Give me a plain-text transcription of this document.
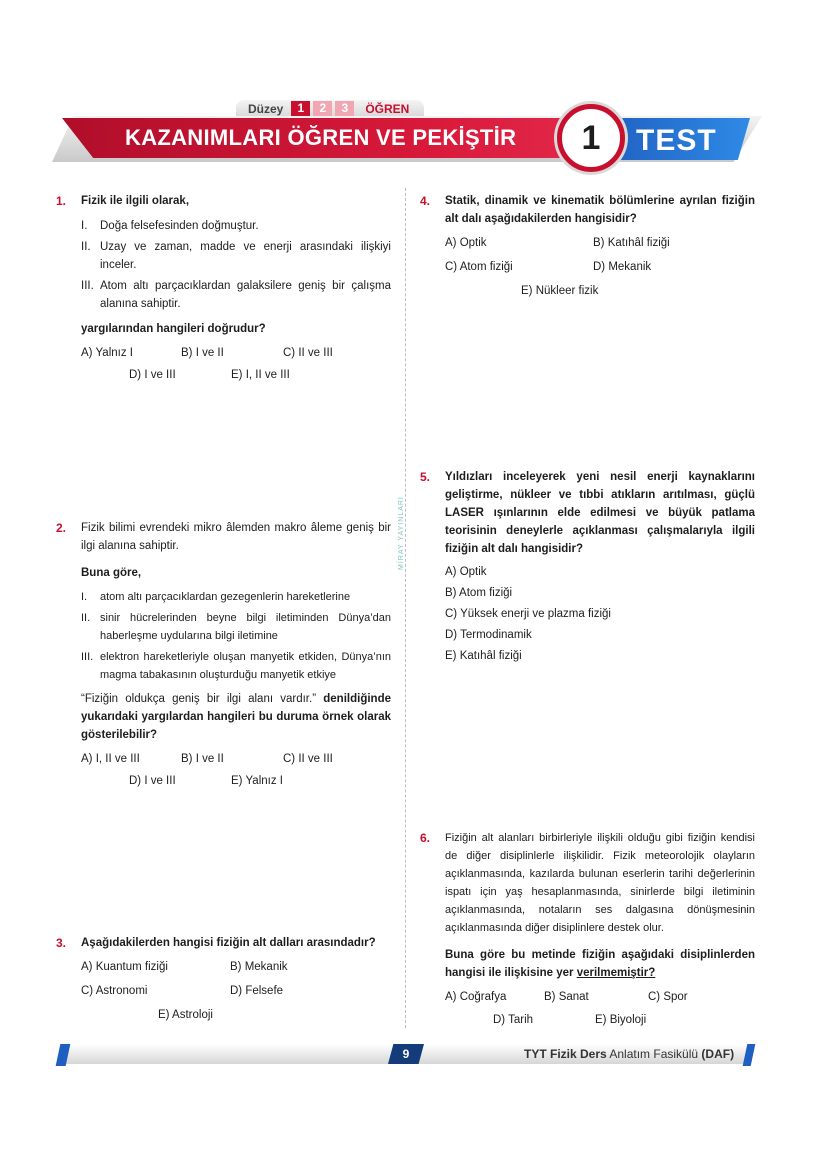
Düzey	1	2	3	ÖĞREN
KAZANIMLARI ÖĞREN VE PEKİŞTİR	TEST
1
MİRAY YAYINLARI
1. Fizik ile ilgili olarak,
I. Doğa felsefesinden doğmuştur.
II. Uzay ve zaman, madde ve enerji arasındaki ilişkiyi inceler.
III. Atom altı parçacıklardan galaksilere geniş bir çalışma alanına sahiptir.
yargılarından hangileri doğrudur?
A) Yalnız I	B) I ve II	C) II ve III
D) I ve III	E) I, II ve III
2. Fizik bilimi evrendeki mikro âlemden makro âleme geniş bir ilgi alanına sahiptir.
Buna göre,
I. atom altı parçacıklardan gezegenlerin hareketlerine
II. sinir hücrelerinden beyne bilgi iletiminden Dünya’dan haberleşme uydularına bilgi iletimine
III. elektron hareketleriyle oluşan manyetik etkiden, Dünya’nın magma tabakasının oluşturduğu manyetik etkiye
“Fiziğin oldukça geniş bir ilgi alanı vardır.” denildiğinde yukarıdaki yargılardan hangileri bu duruma örnek olarak gösterilebilir?
A) I, II ve III	B) I ve II	C) II ve III
D) I ve III	E) Yalnız I
3. Aşağıdakilerden hangisi fiziğin alt dalları arasındadır?
A) Kuantum fiziği	B) Mekanik
C) Astronomi	D) Felsefe
E) Astroloji
4. Statik, dinamik ve kinematik bölümlerine ayrılan fiziğin alt dalı aşağıdakilerden hangisidir?
A) Optik	B) Katıhâl fiziği
C) Atom fiziği	D) Mekanik
E) Nükleer fizik
5. Yıldızları inceleyerek yeni nesil enerji kaynaklarını geliştirme, nükleer ve tıbbi atıkların arıtılması, güçlü LASER ışınlarının elde edilmesi ve büyük patlama teorisinin deneylerle açıklanması çalışmalarıyla ilgili fiziğin alt dalı hangisidir?
A) Optik
B) Atom fiziği
C) Yüksek enerji ve plazma fiziği
D) Termodinamik
E) Katıhâl fiziği
6. Fiziğin alt alanları birbirleriyle ilişkili olduğu gibi fiziğin kendisi de diğer disiplinlerle ilişkilidir. Fizik meteorolojik olayların açıklanmasında, kazılarda bulunan eserlerin tarihi değerlerinin ispatı için yaş hesaplanmasında, sinirlerde bilgi iletiminin açıklanmasında, notaların ses dalgasına dönüşmesinin açıklanmasında diğer disiplinlere destek olur.
Buna göre bu metinde fiziğin aşağıdaki disiplinlerden hangisi ile ilişkisine yer verilmemiştir?
A) Coğrafya	B) Sanat	C) Spor
D) Tarih	E) Biyoloji
9	TYT Fizik Ders Anlatım Fasikülü (DAF)
